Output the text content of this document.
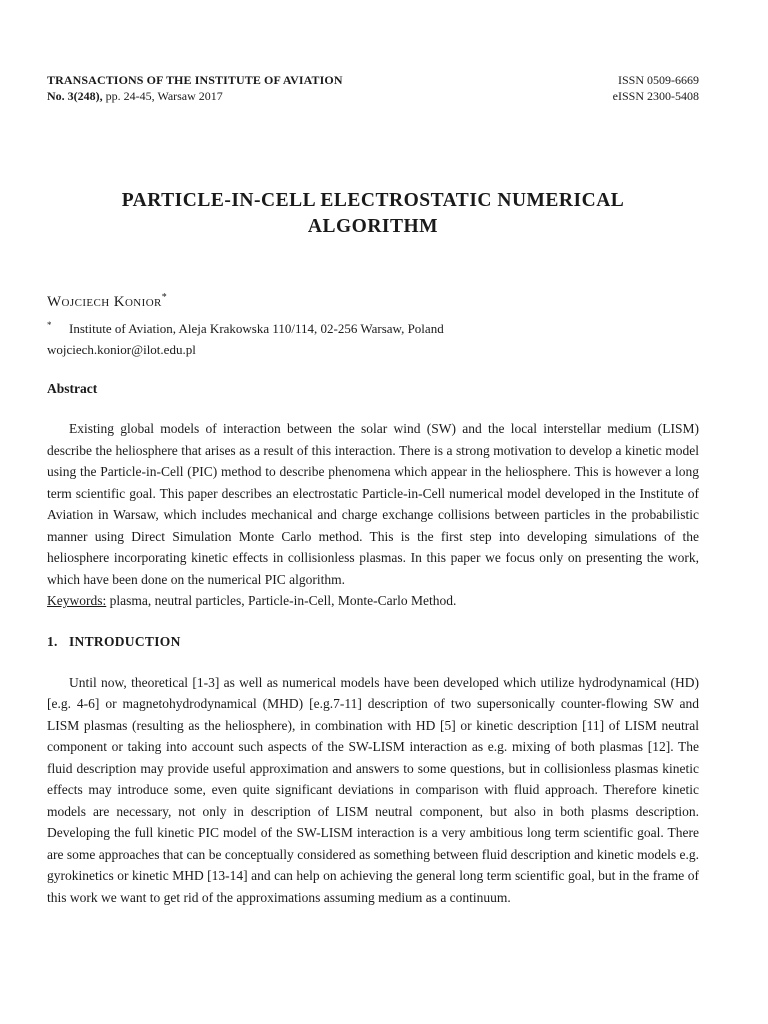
TRANSACTIONS OF THE INSTITUTE OF AVIATION
No. 3(248), pp. 24-45, Warsaw 2017
ISSN 0509-6669
eISSN 2300-5408
PARTICLE-IN-CELL ELECTROSTATIC NUMERICAL ALGORITHM
Wojciech Konior*
*	Institute of Aviation, Aleja Krakowska 110/114, 02-256 Warsaw, Poland
wojciech.konior@ilot.edu.pl
Abstract

Existing global models of interaction between the solar wind (SW) and the local interstellar medium (LISM) describe the heliosphere that arises as a result of this interaction. There is a strong motivation to develop a kinetic model using the Particle-in-Cell (PIC) method to describe phenomena which appear in the heliosphere. This is however a long term scientific goal. This paper describes an electrostatic Particle-in-Cell numerical model developed in the Institute of Aviation in Warsaw, which includes mechanical and charge exchange collisions between particles in the probabilistic manner using Direct Simulation Monte Carlo method. This is the first step into developing simulations of the heliosphere incorporating kinetic effects in collisionless plasmas. In this paper we focus only on presenting the work, which have been done on the numerical PIC algorithm.

Keywords: plasma, neutral particles, Particle-in-Cell, Monte-Carlo Method.
1. INTRODUCTION

Until now, theoretical [1-3] as well as numerical models have been developed which utilize hydrodynamical (HD) [e.g. 4-6] or magnetohydrodynamical (MHD) [e.g.7-11] description of two supersonically counter-flowing SW and LISM plasmas (resulting as the heliosphere), in combination with HD [5] or kinetic description [11] of LISM neutral component or taking into account such aspects of the SW-LISM interaction as e.g. mixing of both plasmas [12]. The fluid description may provide useful approximation and answers to some questions, but in collisionless plasmas kinetic effects may introduce some, even quite significant deviations in comparison with fluid approach. Therefore kinetic models are necessary, not only in description of LISM neutral component, but also in both plasms description. Developing the full kinetic PIC model of the SW-LISM interaction is a very ambitious long term scientific goal. There are some approaches that can be conceptually considered as something between fluid description and kinetic models e.g. gyrokinetics or kinetic MHD [13-14] and can help on achieving the general long term scientific goal, but in the frame of this work we want to get rid of the approximations assuming medium as a continuum.
